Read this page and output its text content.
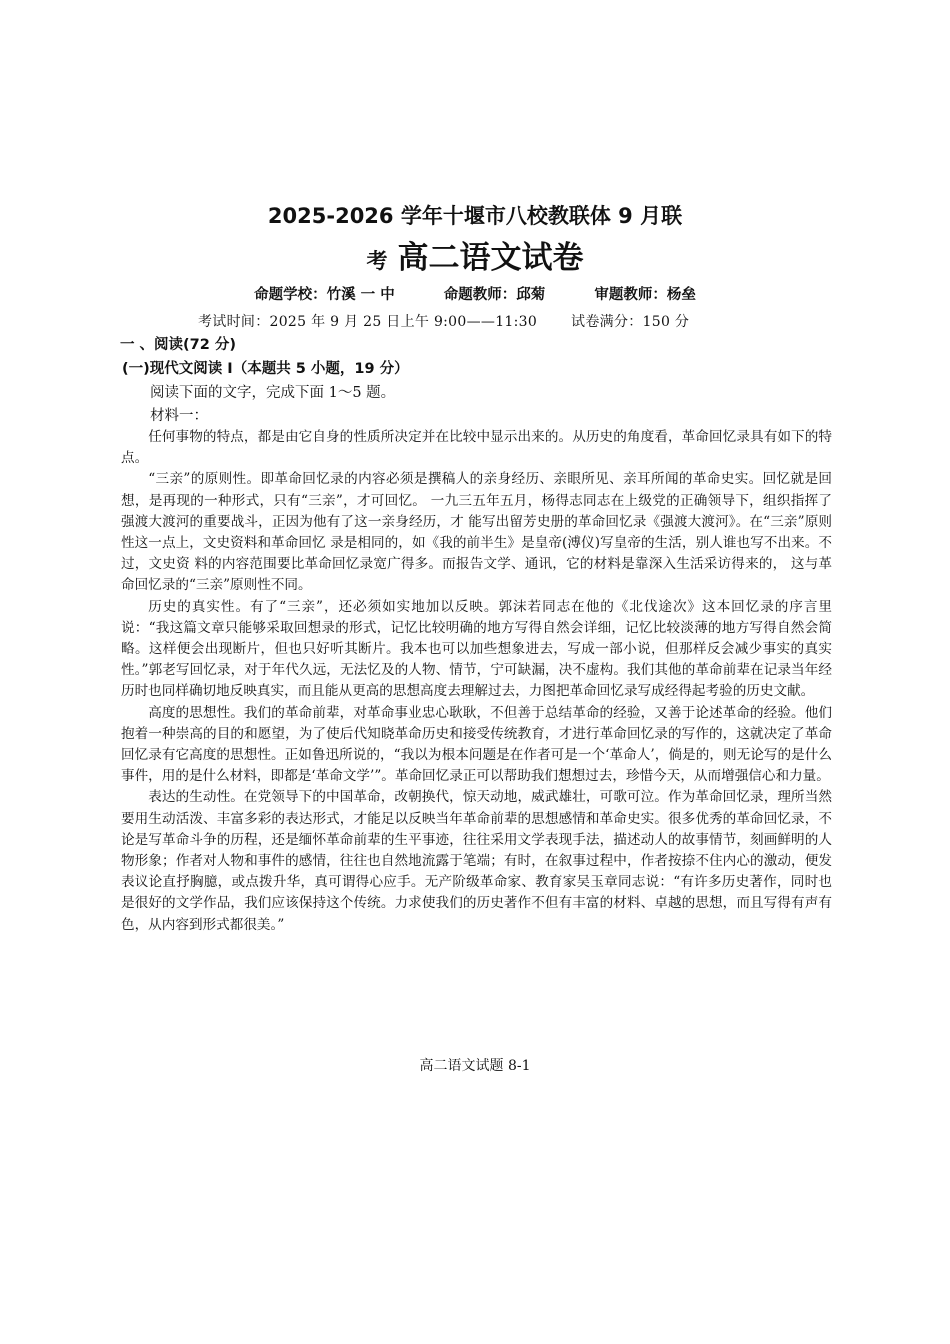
2025-2026 学年十堰市八校教联体 9 月联
考 高二语文试卷
命题学校：竹溪 一 中	命题教师：邱菊	审题教师：杨垒
考试时间：2025 年 9 月 25 日上午 9:00——11:30 试卷满分：150 分
一 、阅读(72 分)
(一)现代文阅读 I（本题共 5 小题，19 分）
阅读下面的文字，完成下面 1～5 题。
材料一：

任何事物的特点，都是由它自身的性质所决定并在比较中显示出来的。从历史的角度看，革命回忆录具有如下的特点。

“三亲”的原则性。即革命回忆录的内容必须是撰稿人的亲身经历、亲眼所见、亲耳所闻的革命史实。回忆就是回想，是再现的一种形式，只有“三亲”，才可回忆。 一九三五年五月，杨得志同志在上级党的正确领导下，组织指挥了强渡大渡河的重要战斗，正因为他有了这一亲身经历，才 能写出留芳史册的革命回忆录《强渡大渡河》。在“三亲”原则性这一点上，文史资料和革命回忆 录是相同的，如《我的前半生》是皇帝(溥仪)写皇帝的生活，别人谁也写不出来。不过，文史资 料的内容范围要比革命回忆录宽广得多。而报告文学、通讯，它的材料是靠深入生活采访得来的， 这与革命回忆录的“三亲”原则性不同。

历史的真实性。有了“三亲”，还必须如实地加以反映。郭沫若同志在他的《北伐途次》这本回忆录的序言里说：“我这篇文章只能够采取回想录的形式，记忆比较明确的地方写得自然会详细，记忆比较淡薄的地方写得自然会简略。这样便会出现断片，但也只好听其断片。我本也可以加些想象进去，写成一部小说，但那样反会减少事实的真实性。”郭老写回忆录，对于年代久远，无法忆及的人物、情节，宁可缺漏，决不虚构。我们其他的革命前辈在记录当年经历时也同样确切地反映真实，而且能从更高的思想高度去理解过去，力图把革命回忆录写成经得起考验的历史文献。

高度的思想性。我们的革命前辈，对革命事业忠心耿耿，不但善于总结革命的经验，又善于论述革命的经验。他们抱着一种崇高的目的和愿望，为了使后代知晓革命历史和接受传统教育，才进行革命回忆录的写作的，这就决定了革命回忆录有它高度的思想性。正如鲁迅所说的，“我以为根本问题是在作者可是一个‘革命人’，倘是的，则无论写的是什么事件，用的是什么材料，即都是‘革命文学’”。革命回忆录正可以帮助我们想想过去，珍惜今天，从而增强信心和力量。

表达的生动性。在党领导下的中国革命，改朝换代，惊天动地，威武雄壮，可歌可泣。作为革命回忆录，理所当然要用生动活泼、丰富多彩的表达形式，才能足以反映当年革命前辈的思想感情和革命史实。很多优秀的革命回忆录，不论是写革命斗争的历程，还是缅怀革命前辈的生平事迹，往往采用文学表现手法，描述动人的故事情节，刻画鲜明的人物形象；作者对人物和事件的感情，往往也自然地流露于笔端；有时，在叙事过程中，作者按捺不住内心的激动，便发表议论直抒胸臆，或点拨升华，真可谓得心应手。无产阶级革命家、教育家吴玉章同志说：“有许多历史著作，同时也是很好的文学作品，我们应该保持这个传统。力求使我们的历史著作不但有丰富的材料、卓越的思想，而且写得有声有色，从内容到形式都很美。”

高二语文试题 8-1
